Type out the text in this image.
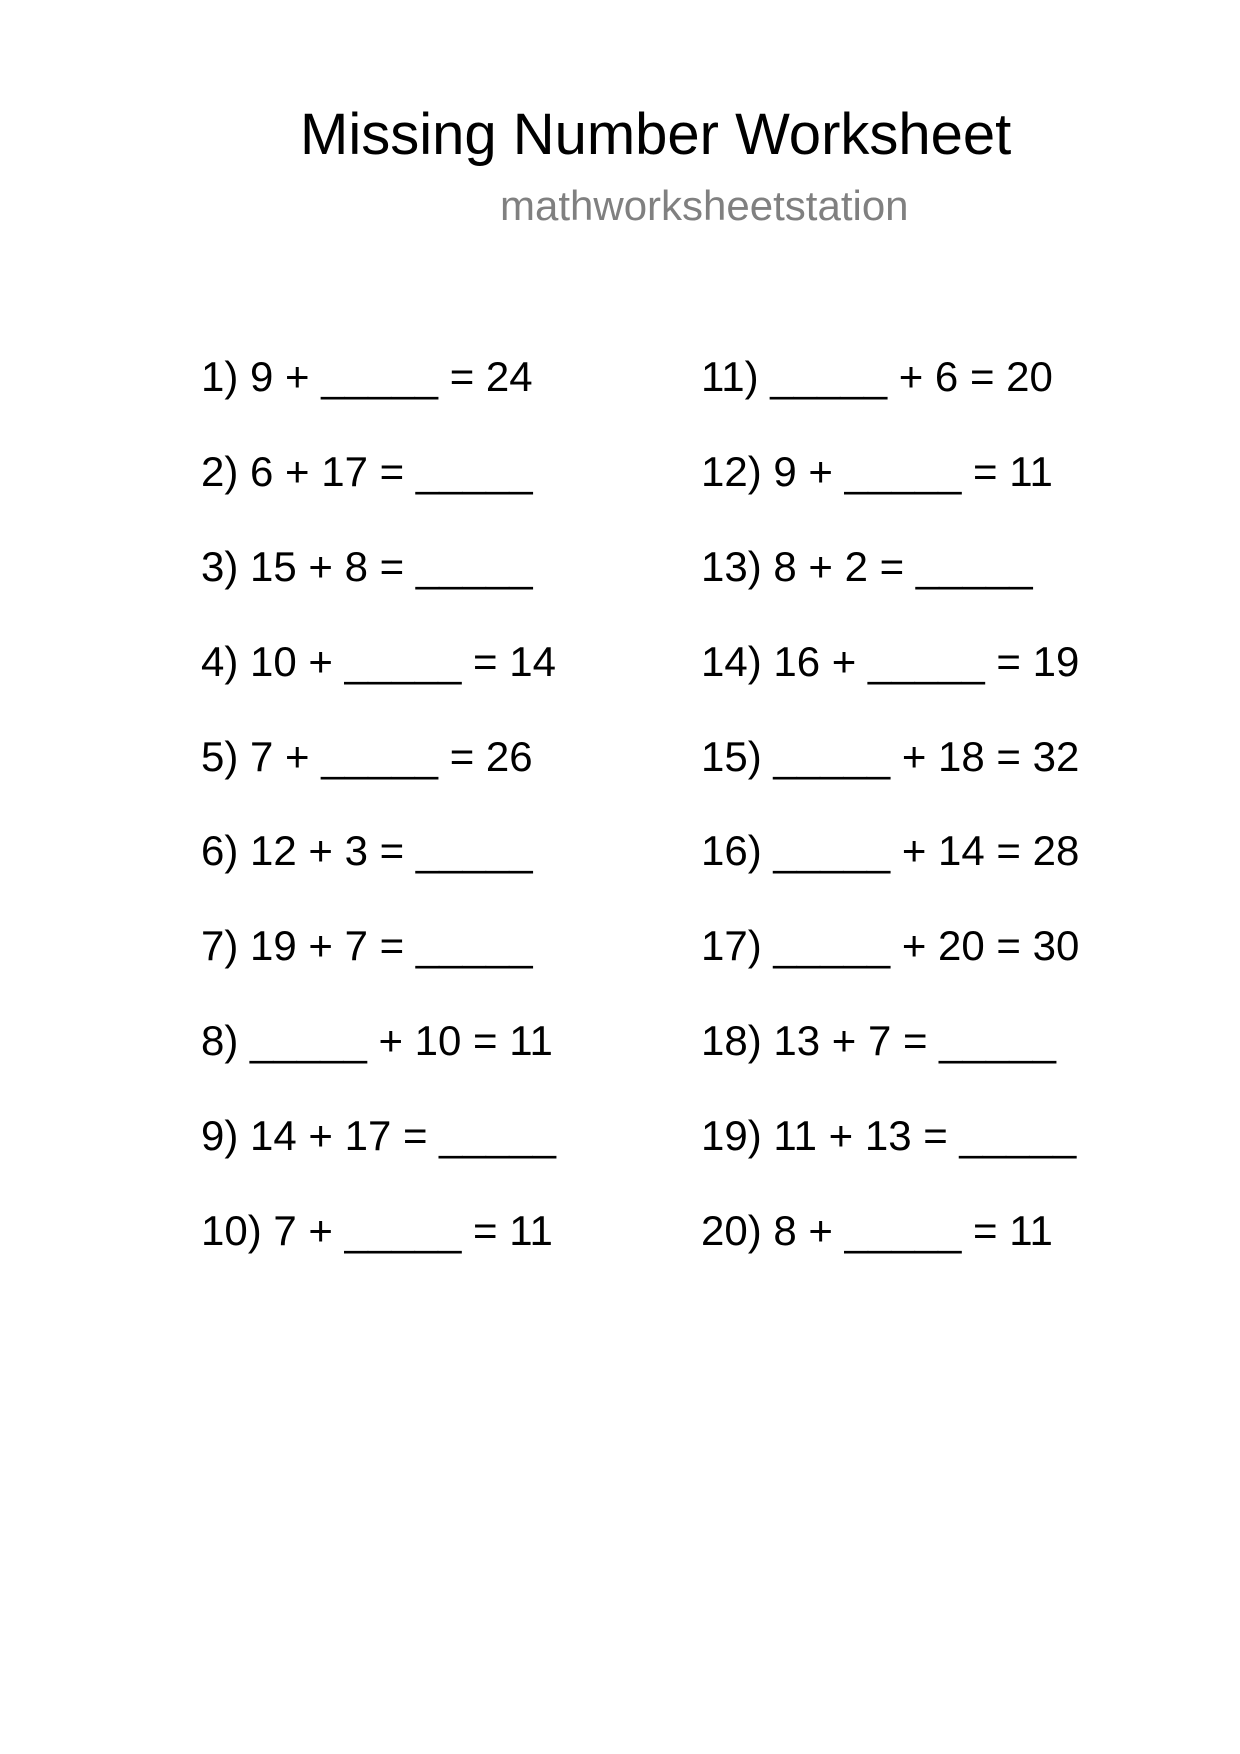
Missing Number Worksheet
mathworksheetstation
1) 9 + _____ = 24
2) 6 + 17 = _____
3) 15 + 8 = _____
4) 10 + _____ = 14
5) 7 + _____ = 26
6) 12 + 3 = _____
7) 19 + 7 = _____
8) _____ + 10 = 11
9) 14 + 17 = _____
10) 7 + _____ = 11
11) _____ + 6 = 20
12) 9 + _____ = 11
13) 8 + 2 = _____
14) 16 + _____ = 19
15) _____ + 18 = 32
16) _____ + 14 = 28
17) _____ + 20 = 30
18) 13 + 7 = _____
19) 11 + 13 = _____
20) 8 + _____ = 11
